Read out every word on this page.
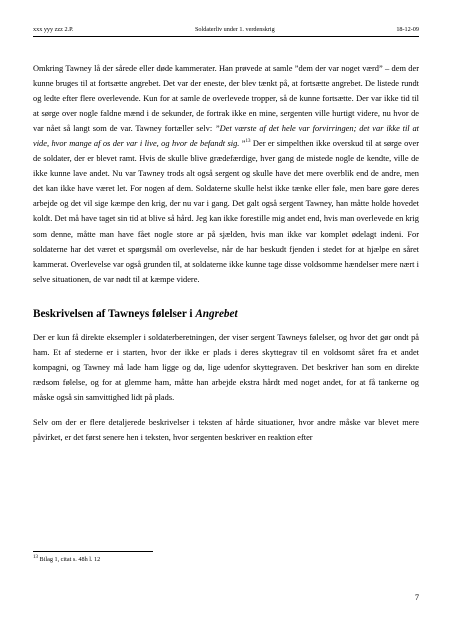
xxx yyy zzz 2.P.	Soldaterliv under 1. verdenskrig	18-12-09

Omkring Tawney lå der sårede eller døde kammerater. Han prøvede at samle ”dem der var noget værd” – dem der kunne bruges til at fortsætte angrebet. Det var der eneste, der blev tænkt på, at fortsætte angrebet. De listede rundt og ledte efter flere overlevende. Kun for at samle de overlevede tropper, så de kunne fortsætte. Der var ikke tid til at sørge over nogle faldne mænd i de sekunder, de fortrak ikke en mine, sergenten ville hurtigt videre, nu hvor de var nået så langt som de var. Tawney fortæller selv: ”Det værste af det hele var forvirringen; det var ikke til at vide, hvor mange af os der var i live, og hvor de befandt sig. ”$^{13}$ Der er simpelthen ikke overskud til at sørge over de soldater, der er blevet ramt. Hvis de skulle blive grædefærdige, hver gang de mistede nogle de kendte, ville de ikke kunne lave andet. Nu var Tawney trods alt også sergent og skulle have det mere overblik end de andre, men det kan ikke have været let. For nogen af dem. Soldaterne skulle helst ikke tænke eller føle, men bare gøre deres arbejde og det vil sige kæmpe den krig, der nu var i gang. Det galt også sergent Tawney, han måtte holde hovedet koldt. Det må have taget sin tid at blive så hård. Jeg kan ikke forestille mig andet end, hvis man overlevede en krig som denne, måtte man have fået nogle store ar på sjælden, hvis man ikke var komplet ødelagt indeni. For soldaterne har det været et spørgsmål om overlevelse, når de har beskudt fjenden i stedet for at hjælpe en såret kammerat. Overlevelse var også grunden til, at soldaterne ikke kunne tage disse voldsomme hændelser mere nært i selve situationen, de var nødt til at kæmpe videre.

Beskrivelsen af Tawneys følelser i Angrebet

Der er kun få direkte eksempler i soldaterberetningen, der viser sergent Tawneys følelser, og hvor det gør ondt på ham. Et af stederne er i starten, hvor der ikke er plads i deres skyttegrav til en voldsomt såret fra et andet kompagni, og Tawney må lade ham ligge og dø, lige udenfor skyttegraven. Det beskriver han som en direkte rædsom følelse, og for at glemme ham, måtte han arbejde ekstra hårdt med noget andet, for at få tankerne og måske også sin samvittighed lidt på plads.

Selv om der er flere detaljerede beskrivelser i teksten af hårde situationer, hvor andre måske var blevet mere påvirket, er det først senere hen i teksten, hvor sergenten beskriver en reaktion efter

$^{13}$ Bilag 1, citat s. 48h l. 12
7
